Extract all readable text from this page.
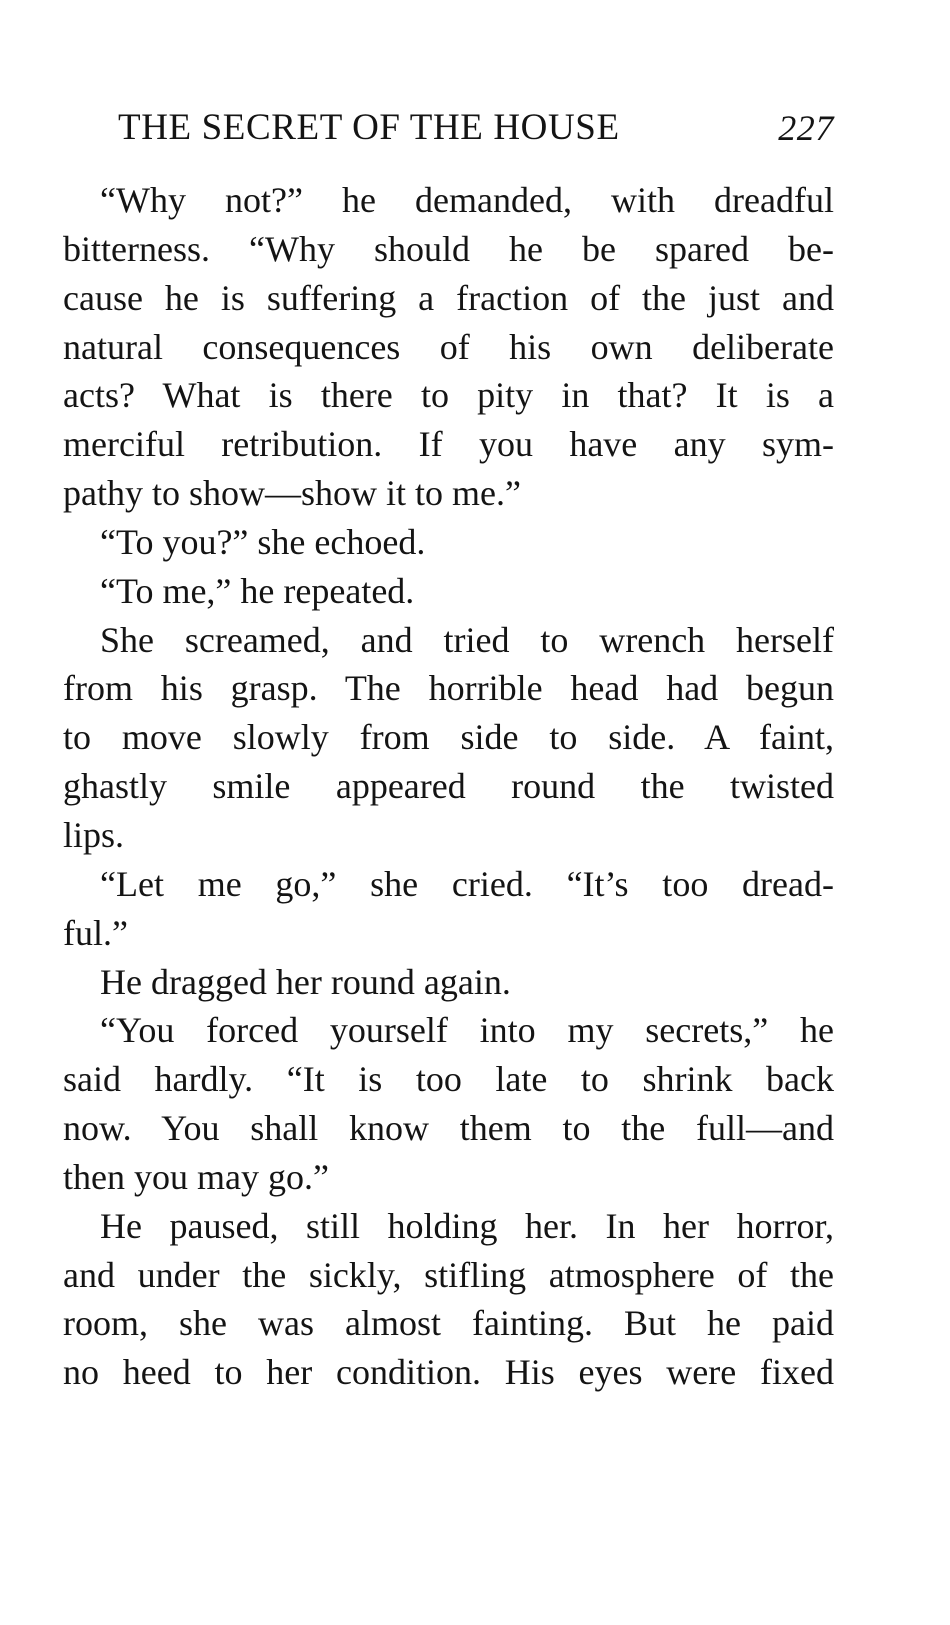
THE SECRET OF THE HOUSE	227
“Why not?” he demanded, with dreadful
bitterness. “Why should he be spared be-
cause he is suffering a fraction of the just and
natural consequences of his own deliberate
acts? What is there to pity in that? It is a
merciful retribution. If you have any sym-
pathy to show—show it to me.”
“To you?” she echoed.
“To me,” he repeated.
She screamed, and tried to wrench herself
from his grasp. The horrible head had begun
to move slowly from side to side. A faint,
ghastly smile appeared round the twisted
lips.
“Let me go,” she cried. “It’s too dread-
ful.”
He dragged her round again.
“You forced yourself into my secrets,” he
said hardly. “It is too late to shrink back
now. You shall know them to the full—and
then you may go.”
He paused, still holding her. In her horror,
and under the sickly, stifling atmosphere of the
room, she was almost fainting. But he paid
no heed to her condition. His eyes were fixed
